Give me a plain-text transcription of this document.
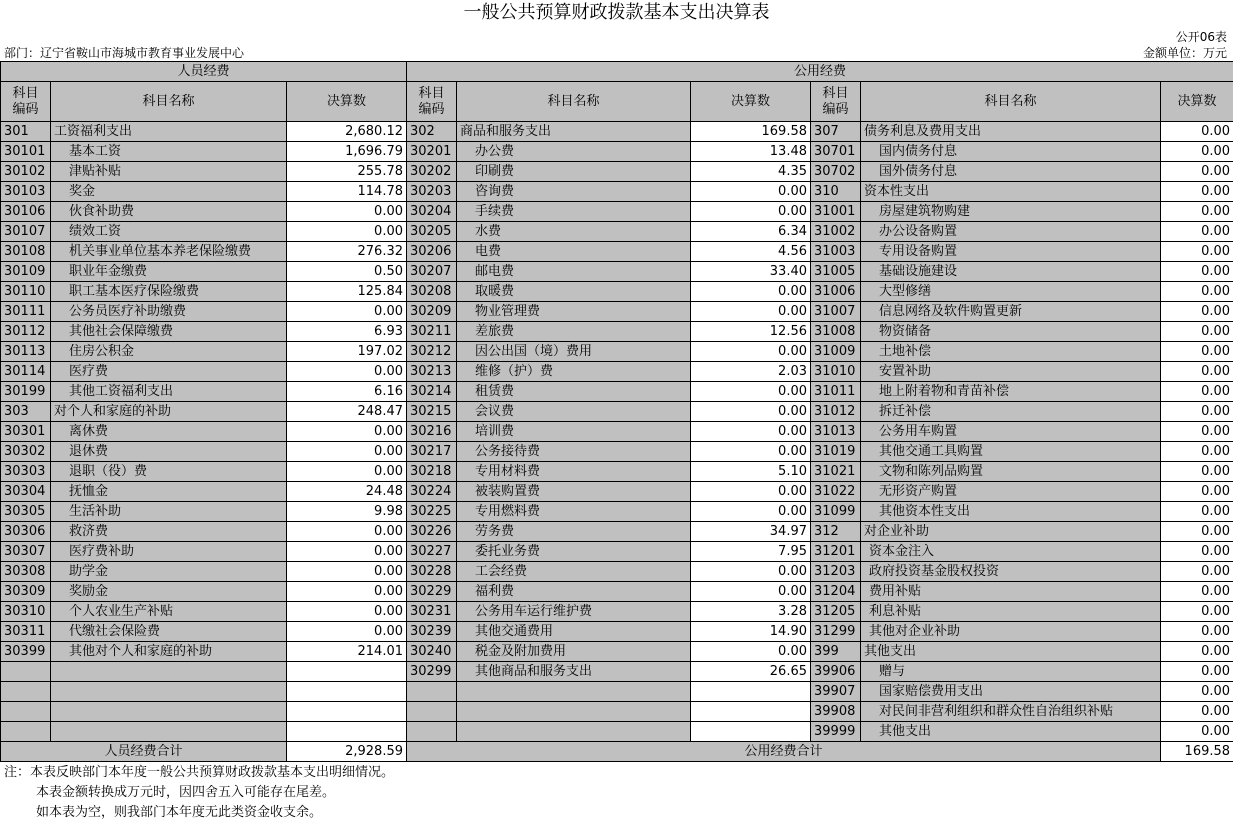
一般公共预算财政拨款基本支出决算表
公开06表
部门：辽宁省鞍山市海城市教育事业发展中心	金额单位：万元
人员经费			公用经费					
科目
编码	科目名称	决算数	科目
编码	科目名称	决算数	科目
编码	科目名称	决算数
301	工资福利支出	2,680.12	302	商品和服务支出	169.58	307	债务利息及费用支出	0.00
30101	基本工资	1,696.79	30201	办公费	13.48	30701	国内债务付息	0.00
30102	津贴补贴	255.78	30202	印刷费	4.35	30702	国外债务付息	0.00
30103	奖金	114.78	30203	咨询费	0.00	310	资本性支出	0.00
30106	伙食补助费	0.00	30204	手续费	0.00	31001	房屋建筑物购建	0.00
30107	绩效工资	0.00	30205	水费	6.34	31002	办公设备购置	0.00
30108	机关事业单位基本养老保险缴费	276.32	30206	电费	4.56	31003	专用设备购置	0.00
30109	职业年金缴费	0.50	30207	邮电费	33.40	31005	基础设施建设	0.00
30110	职工基本医疗保险缴费	125.84	30208	取暖费	0.00	31006	大型修缮	0.00
30111	公务员医疗补助缴费	0.00	30209	物业管理费	0.00	31007	信息网络及软件购置更新	0.00
30112	其他社会保障缴费	6.93	30211	差旅费	12.56	31008	物资储备	0.00
30113	住房公积金	197.02	30212	因公出国（境）费用	0.00	31009	土地补偿	0.00
30114	医疗费	0.00	30213	维修（护）费	2.03	31010	安置补助	0.00
30199	其他工资福利支出	6.16	30214	租赁费	0.00	31011	地上附着物和青苗补偿	0.00
303	对个人和家庭的补助	248.47	30215	会议费	0.00	31012	拆迁补偿	0.00
30301	离休费	0.00	30216	培训费	0.00	31013	公务用车购置	0.00
30302	退休费	0.00	30217	公务接待费	0.00	31019	其他交通工具购置	0.00
30303	退职（役）费	0.00	30218	专用材料费	5.10	31021	文物和陈列品购置	0.00
30304	抚恤金	24.48	30224	被装购置费	0.00	31022	无形资产购置	0.00
30305	生活补助	9.98	30225	专用燃料费	0.00	31099	其他资本性支出	0.00
30306	救济费	0.00	30226	劳务费	34.97	312	对企业补助	0.00
30307	医疗费补助	0.00	30227	委托业务费	7.95	31201	资本金注入	0.00
30308	助学金	0.00	30228	工会经费	0.00	31203	政府投资基金股权投资	0.00
30309	奖励金	0.00	30229	福利费	0.00	31204	费用补贴	0.00
30310	个人农业生产补贴	0.00	30231	公务用车运行维护费	3.28	31205	利息补贴	0.00
30311	代缴社会保险费	0.00	30239	其他交通费用	14.90	31299	其他对企业补助	0.00
30399	其他对个人和家庭的补助	214.01	30240	税金及附加费用	0.00	399	其他支出	0.00
			30299	其他商品和服务支出	26.65	39906	赠与	0.00
						39907	国家赔偿费用支出	0.00
						39908	对民间非营利组织和群众性自治组织补贴	0.00
						39999	其他支出	0.00
人员经费合计		2,928.59	公用经费合计					169.58
注：本表反映部门本年度一般公共预算财政拨款基本支出明细情况。
本表金额转换成万元时，因四舍五入可能存在尾差。
如本表为空，则我部门本年度无此类资金收支余。
